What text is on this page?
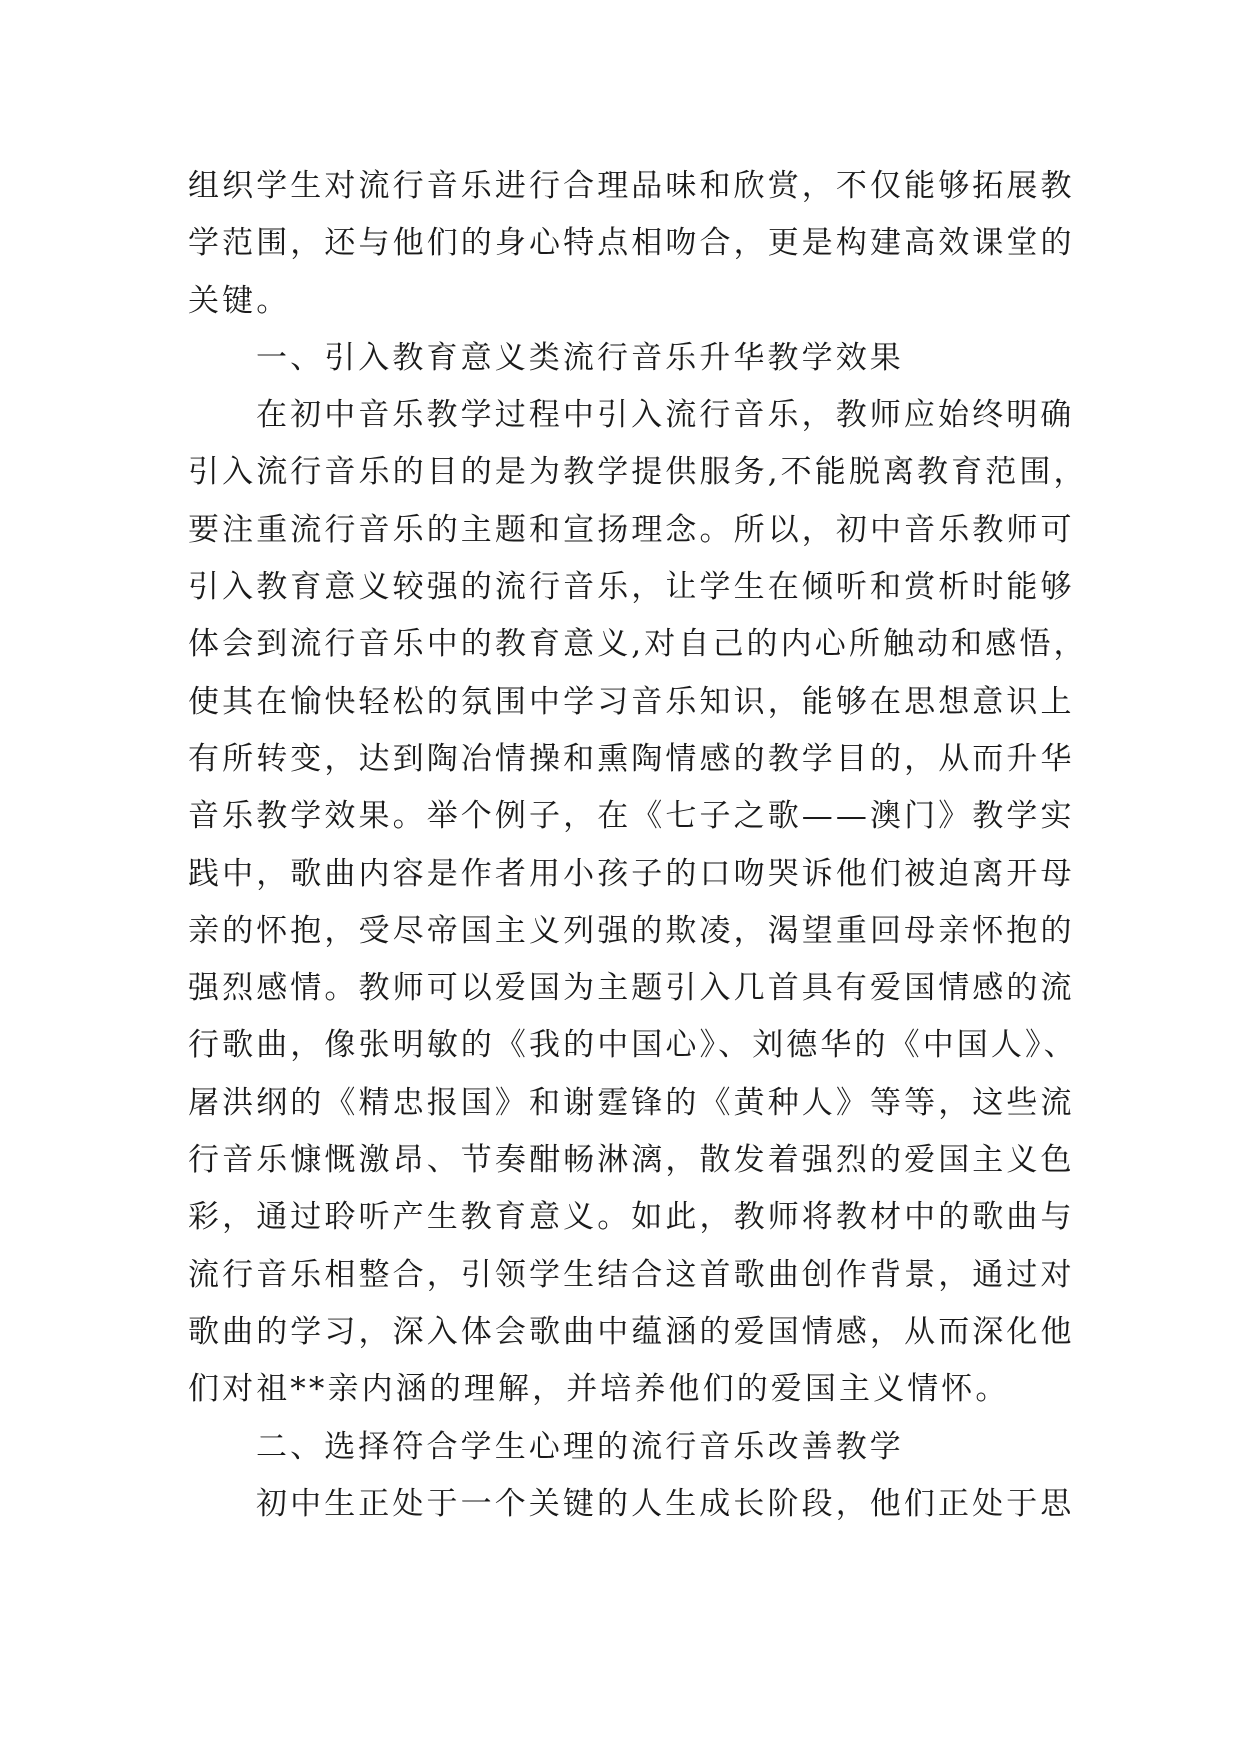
组织学生对流行音乐进行合理品味和欣赏，不仅能够拓展教
学范围，还与他们的身心特点相吻合，更是构建高效课堂的
关键。
一、引入教育意义类流行音乐升华教学效果
在初中音乐教学过程中引入流行音乐，教师应始终明确
引入流行音乐的目的是为教学提供服务,不能脱离教育范围，
要注重流行音乐的主题和宣扬理念。所以，初中音乐教师可
引入教育意义较强的流行音乐，让学生在倾听和赏析时能够
体会到流行音乐中的教育意义,对自己的内心所触动和感悟，
使其在愉快轻松的氛围中学习音乐知识，能够在思想意识上
有所转变，达到陶冶情操和熏陶情感的教学目的，从而升华
音乐教学效果。举个例子，在《七子之歌——澳门》教学实
践中，歌曲内容是作者用小孩子的口吻哭诉他们被迫离开母
亲的怀抱，受尽帝国主义列强的欺凌，渴望重回母亲怀抱的
强烈感情。教师可以爱国为主题引入几首具有爱国情感的流
行歌曲，像张明敏的《我的中国心》、刘德华的《中国人》、
屠洪纲的《精忠报国》和谢霆锋的《黄种人》等等，这些流
行音乐慷慨激昂、节奏酣畅淋漓，散发着强烈的爱国主义色
彩，通过聆听产生教育意义。如此，教师将教材中的歌曲与
流行音乐相整合，引领学生结合这首歌曲创作背景，通过对
歌曲的学习，深入体会歌曲中蕴涵的爱国情感，从而深化他
们对祖**亲内涵的理解，并培养他们的爱国主义情怀。
二、选择符合学生心理的流行音乐改善教学
初中生正处于一个关键的人生成长阶段，他们正处于思
